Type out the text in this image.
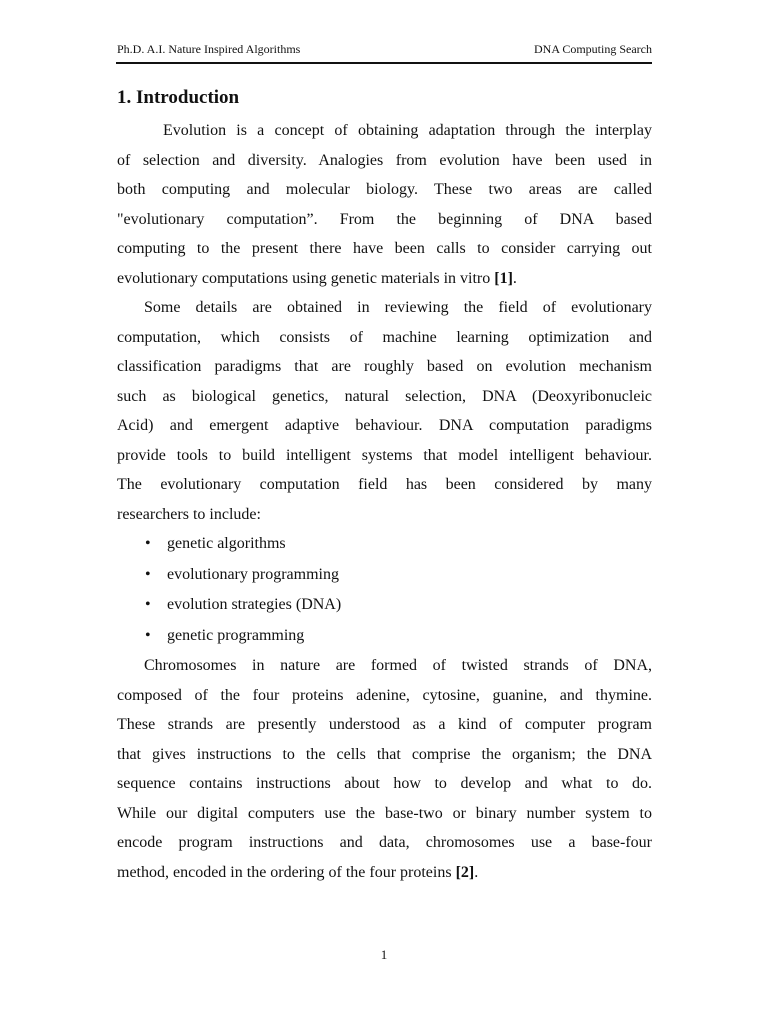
Ph.D. A.I. Nature Inspired Algorithms	DNA Computing Search
1. Introduction

Evolution is a concept of obtaining adaptation through the interplay
of selection and diversity. Analogies from evolution have been used in
both computing and molecular biology. These two areas are called
"evolutionary computation”. From the beginning of DNA based
computing to the present there have been calls to consider carrying out
evolutionary computations using genetic materials in vitro [1].

Some details are obtained in reviewing the field of evolutionary
computation, which consists of machine learning optimization and
classification paradigms that are roughly based on evolution mechanism
such as biological genetics, natural selection, DNA (Deoxyribonucleic
Acid) and emergent adaptive behaviour. DNA computation paradigms
provide tools to build intelligent systems that model intelligent behaviour.
The evolutionary computation field has been considered by many
researchers to include:

• genetic algorithms
• evolutionary programming
• evolution strategies (DNA)
• genetic programming

Chromosomes in nature are formed of twisted strands of DNA,
composed of the four proteins adenine, cytosine, guanine, and thymine.
These strands are presently understood as a kind of computer program
that gives instructions to the cells that comprise the organism; the DNA
sequence contains instructions about how to develop and what to do.
While our digital computers use the base-two or binary number system to
encode program instructions and data, chromosomes use a base-four
method, encoded in the ordering of the four proteins [2].

1
